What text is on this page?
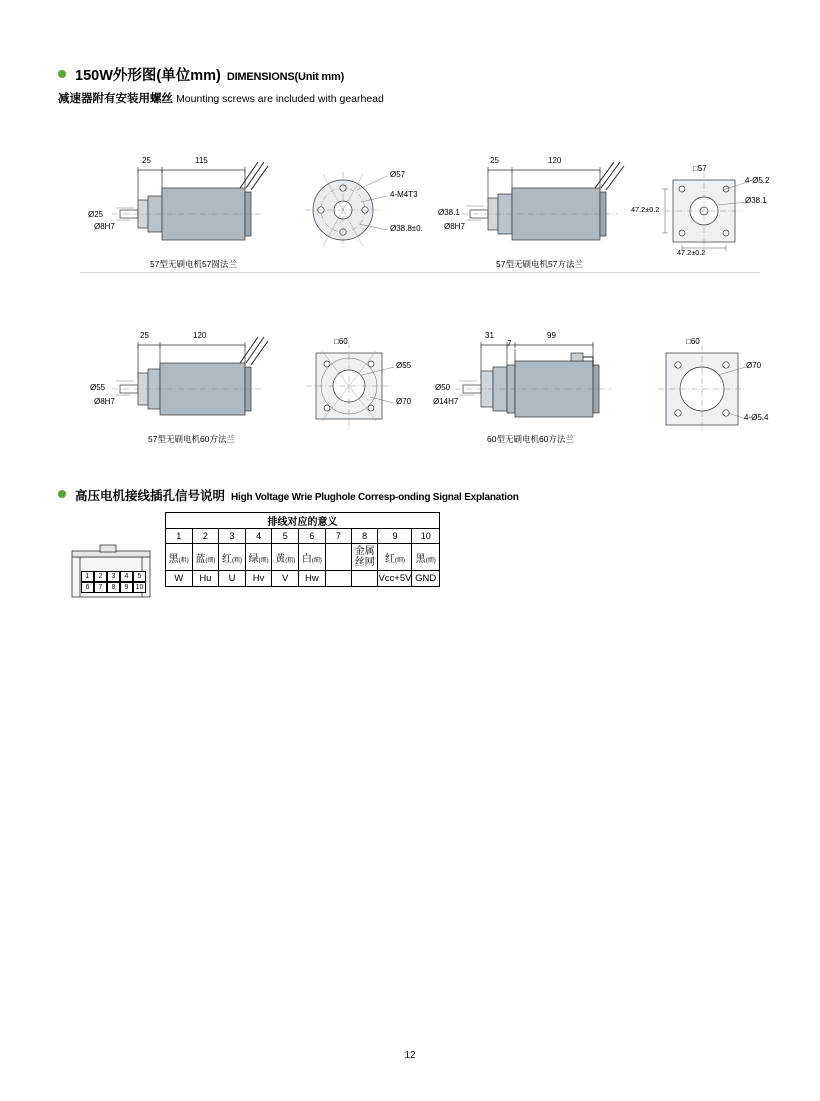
150W外形图(单位mm) DIMENSIONS(Unit mm)
减速器附有安装用螺丝 Mounting screws are included with gearhead
25	115
Ø25
Ø8H7
57型无刷电机57圆法兰
Ø57
4-M4T3
Ø38.8±0.
25	120
Ø38.1
Ø8H7
57型无刷电机57方法兰
□57
4-Ø5.2
Ø38.1
47.2±0.2
47.2±0.2
25	120
Ø55
Ø8H7
57型无刷电机60方法兰
□60
Ø55
Ø70
31
7
99
Ø50
Ø14H7
60型无刷电机60方法兰
□60
Ø70
4-Ø5.4
高压电机接线插孔信号说明 High Voltage Wrie Plughole Corresp-onding Signal Explanation
1	2	3	4	5
6	7	8	9	10
排线对应的意义									
1	2	3	4	5	6	7	8	9	10
黑(粗)	蓝(细)	红(粗)	绿(细)	黄(粗)	白(细)		金属丝网	红(细)	黑(细)
W	Hu	U	Hv	V	Hw			Vcc+5V	GND
12
